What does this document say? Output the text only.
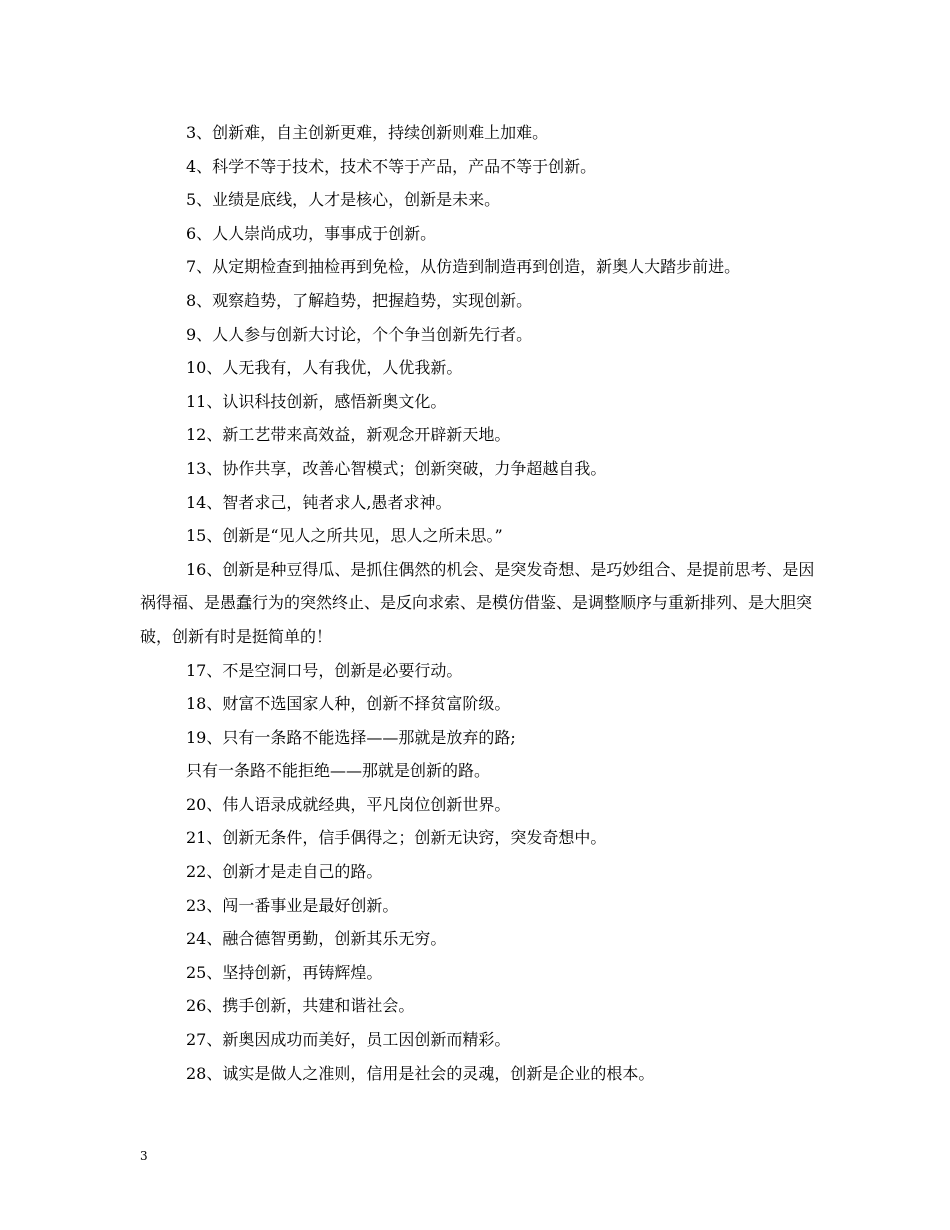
3、创新难，自主创新更难，持续创新则难上加难。
4、科学不等于技术，技术不等于产品，产品不等于创新。
5、业绩是底线，人才是核心，创新是未来。
6、人人崇尚成功，事事成于创新。
7、从定期检查到抽检再到免检，从仿造到制造再到创造，新奥人大踏步前进。
8、观察趋势，了解趋势，把握趋势，实现创新。
9、人人参与创新大讨论，个个争当创新先行者。
10、人无我有，人有我优，人优我新。
11、认识科技创新，感悟新奥文化。
12、新工艺带来高效益，新观念开辟新天地。
13、协作共享，改善心智模式；创新突破，力争超越自我。
14、智者求己，钝者求人,愚者求神。
15、创新是“见人之所共见，思人之所未思。”
16、创新是种豆得瓜、是抓住偶然的机会、是突发奇想、是巧妙组合、是提前思考、是因祸得福、是愚蠢行为的突然终止、是反向求索、是模仿借鉴、是调整顺序与重新排列、是大胆突破，创新有时是挺简单的！
17、不是空洞口号，创新是必要行动。
18、财富不选国家人种，创新不择贫富阶级。
19、只有一条路不能选择——那就是放弃的路;
只有一条路不能拒绝——那就是创新的路。
20、伟人语录成就经典，平凡岗位创新世界。
21、创新无条件，信手偶得之；创新无诀窍，突发奇想中。
22、创新才是走自己的路。
23、闯一番事业是最好创新。
24、融合德智勇勤，创新其乐无穷。
25、坚持创新，再铸辉煌。
26、携手创新，共建和谐社会。
27、新奥因成功而美好，员工因创新而精彩。
28、诚实是做人之准则，信用是社会的灵魂，创新是企业的根本。
3
